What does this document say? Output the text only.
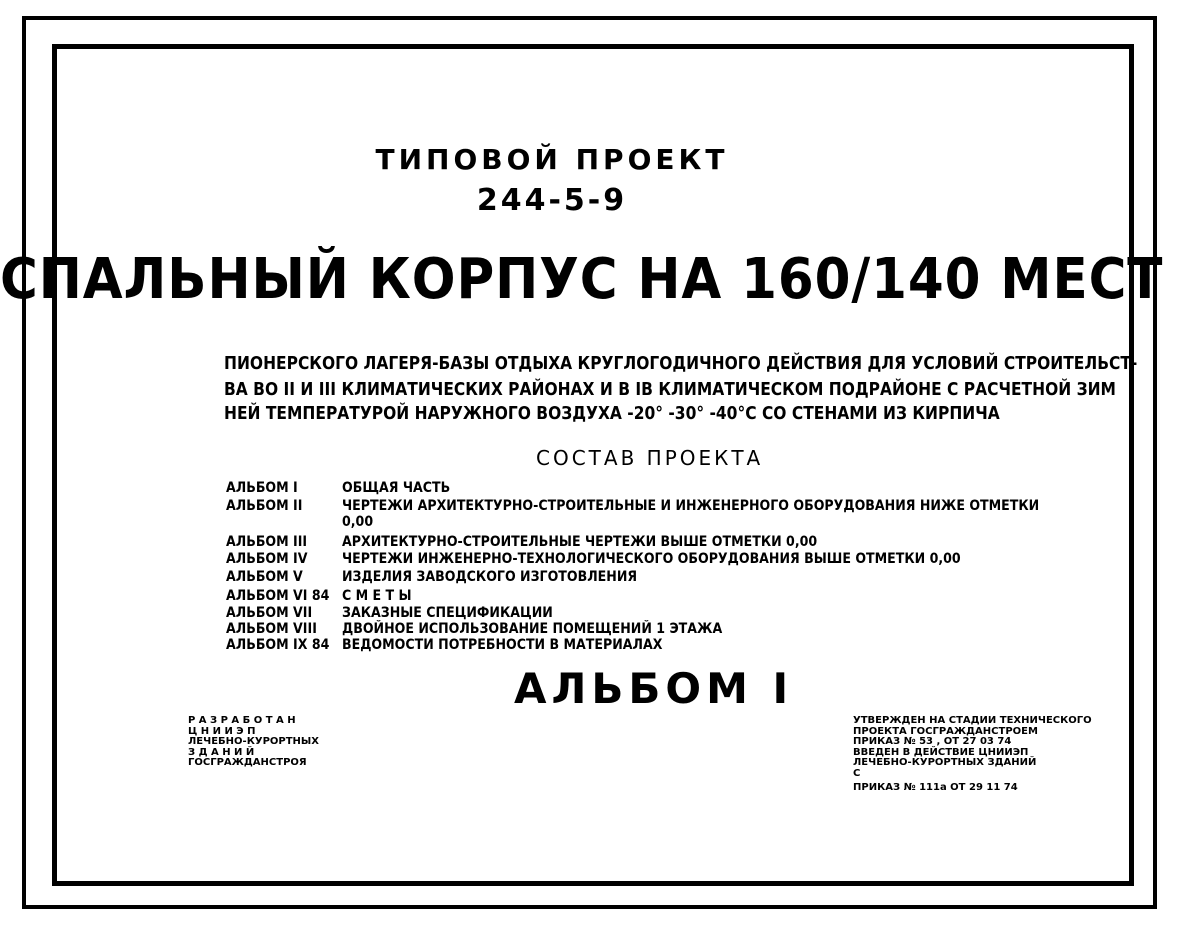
ТИПОВОЙ ПРОЕКТ
244-5-9
СПАЛЬНЫЙ КОРПУС НА 160/140 МЕСТ
ПИОНЕРСКОГО ЛАГЕРЯ-БАЗЫ ОТДЫХА КРУГЛОГОДИЧНОГО ДЕЙСТВИЯ ДЛЯ УСЛОВИЙ СТРОИТЕЛЬСТ-
ВА ВО II И III КЛИМАТИЧЕСКИХ РАЙОНАХ И В IВ КЛИМАТИЧЕСКОМ ПОДРАЙОНЕ С РАСЧЕТНОЙ ЗИМ
НЕЙ ТЕМПЕРАТУРОЙ НАРУЖНОГО ВОЗДУХА -20° -30° -40°С СО СТЕНАМИ ИЗ КИРПИЧА
СОСТАВ ПРОЕКТА
АЛЬБОМ I	ОБЩАЯ ЧАСТЬ
АЛЬБОМ II	ЧЕРТЕЖИ АРХИТЕКТУРНО-СТРОИТЕЛЬНЫЕ И ИНЖЕНЕРНОГО ОБОРУДОВАНИЯ НИЖЕ ОТМЕТКИ
0,00
АЛЬБОМ III АРХИТЕКТУРНО-СТРОИТЕЛЬНЫЕ ЧЕРТЕЖИ ВЫШЕ ОТМЕТКИ 0,00
АЛЬБОМ IV ЧЕРТЕЖИ ИНЖЕНЕРНО-ТЕХНОЛОГИЧЕСКОГО ОБОРУДОВАНИЯ ВЫШЕ ОТМЕТКИ 0,00
АЛЬБОМ V	ИЗДЕЛИЯ ЗАВОДСКОГО ИЗГОТОВЛЕНИЯ
АЛЬБОМ VI 84 С М Е Т Ы
АЛЬБОМ VII ЗАКАЗНЫЕ СПЕЦИФИКАЦИИ
АЛЬБОМ VIII ДВОЙНОЕ ИСПОЛЬЗОВАНИЕ ПОМЕЩЕНИЙ 1 ЭТАЖА
АЛЬБОМ IX 84 ВЕДОМОСТИ ПОТРЕБНОСТИ В МАТЕРИАЛАХ
АЛЬБОМ I
Р А З Р А Б О Т А Н
Ц Н И И Э П
ЛЕЧЕБНО-КУРОРТНЫХ
З Д А Н И Й
ГОСГРАЖДАНСТРОЯ
УТВЕРЖДЕН НА СТАДИИ ТЕХНИЧЕСКОГО
ПРОЕКТА ГОСГРАЖДАНСТРОЕМ
ПРИКАЗ № 53 , ОТ 27 03 74
ВВЕДЕН В ДЕЙСТВИЕ ЦНИИЭП
ЛЕЧЕБНО-КУРОРТНЫХ ЗДАНИЙ
С
ПРИКАЗ № 111а ОТ 29 11 74
